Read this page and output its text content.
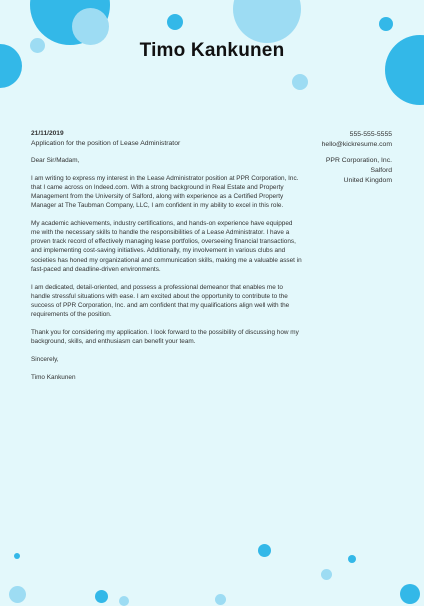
Timo Kankunen
21/11/2019
Application for the position of Lease Administrator
555-555-5555
hello@kickresume.com
PPR Corporation, Inc.
Salford
United Kingdom

Dear Sir/Madam,

I am writing to express my interest in the Lease Administrator position at PPR Corporation, Inc. that I came across on Indeed.com. With a strong background in Real Estate and Property Management from the University of Salford, along with experience as a Certified Property Manager at The Taubman Company, LLC, I am confident in my ability to excel in this role.

My academic achievements, industry certifications, and hands-on experience have equipped me with the necessary skills to handle the responsibilities of a Lease Administrator. I have a proven track record of effectively managing lease portfolios, overseeing financial transactions, and implementing cost-saving initiatives. Additionally, my involvement in various clubs and societies has honed my organizational and communication skills, making me a valuable asset in fast-paced and deadline-driven environments.

I am dedicated, detail-oriented, and possess a professional demeanor that enables me to handle stressful situations with ease. I am excited about the opportunity to contribute to the success of PPR Corporation, Inc. and am confident that my qualifications align well with the requirements of the position.

Thank you for considering my application. I look forward to the possibility of discussing how my background, skills, and enthusiasm can benefit your team.

Sincerely,

Timo Kankunen
